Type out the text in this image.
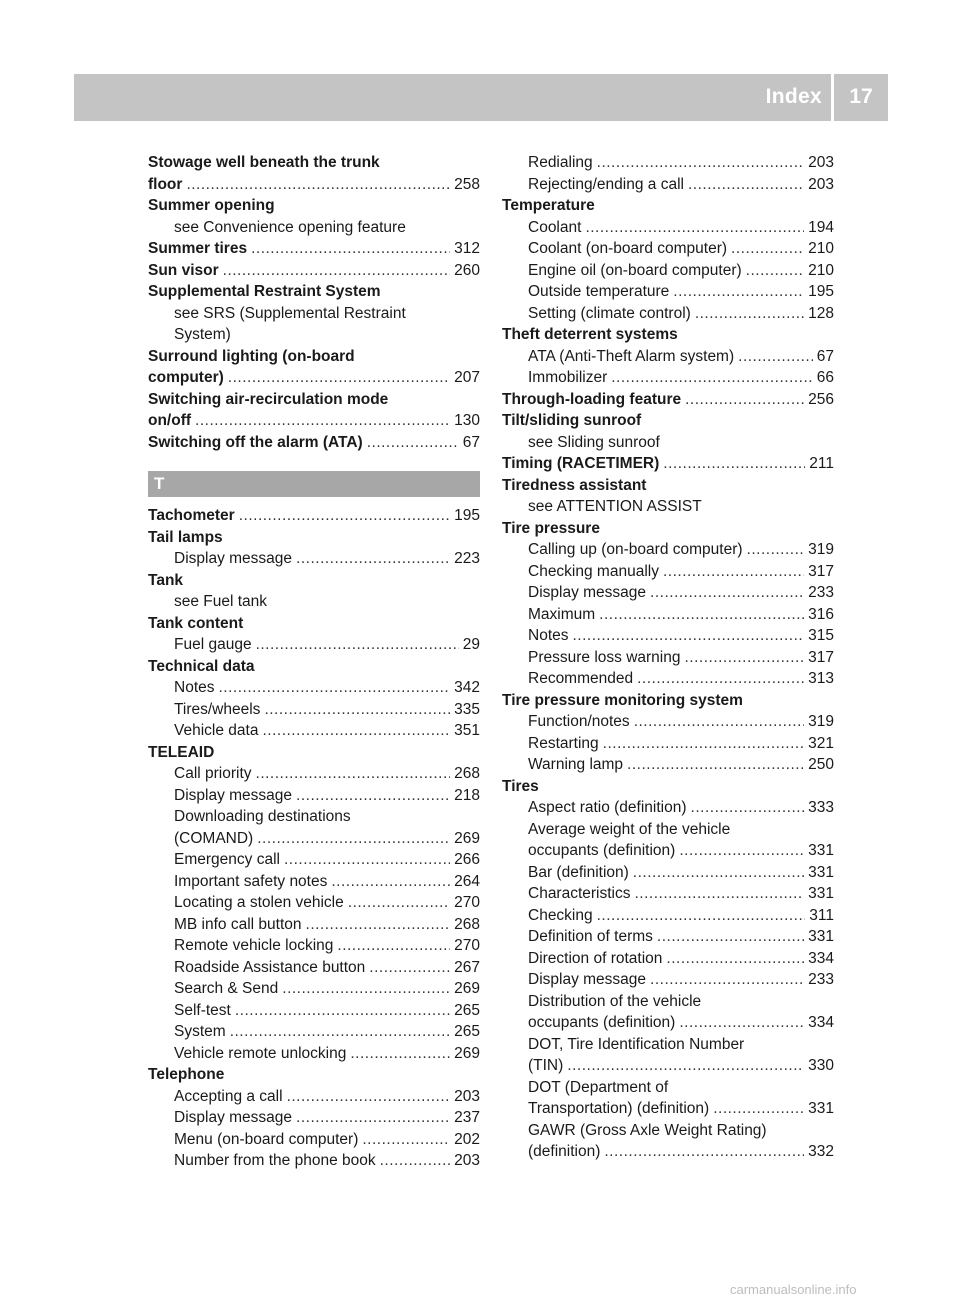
Index	17
Stowage well beneath the trunk
floor .....	258
Summer opening
see Convenience opening feature
Summer tires .....	312
Sun visor .....	260
Supplemental Restraint System
see SRS (Supplemental Restraint
System)
Surround lighting (on-board
computer) .....	207
Switching air-recirculation mode
on/off .....	130
Switching off the alarm (ATA) .....	67
T
Tachometer .....	195
Tail lamps
Display message .....	223
Tank
see Fuel tank
Tank content
Fuel gauge .....	29
Technical data
Notes .....	342
Tires/wheels .....	335
Vehicle data .....	351
TELEAID
Call priority .....	268
Display message .....	218
Downloading destinations
(COMAND) .....	269
Emergency call .....	266
Important safety notes .....	264
Locating a stolen vehicle .....	270
MB info call button .....	268
Remote vehicle locking .....	270
Roadside Assistance button .....	267
Search & Send .....	269
Self-test .....	265
System .....	265
Vehicle remote unlocking .....	269
Telephone
Accepting a call .....	203
Display message .....	237
Menu (on-board computer) .....	202
Number from the phone book .....	203
Redialing .....	203
Rejecting/ending a call .....	203
Temperature
Coolant .....	194
Coolant (on-board computer) .....	210
Engine oil (on-board computer) .....	210
Outside temperature .....	195
Setting (climate control) .....	128
Theft deterrent systems
ATA (Anti-Theft Alarm system) .....	67
Immobilizer .....	66
Through-loading feature .....	256
Tilt/sliding sunroof
see Sliding sunroof
Timing (RACETIMER) .....	211
Tiredness assistant
see ATTENTION ASSIST
Tire pressure
Calling up (on-board computer) .....	319
Checking manually .....	317
Display message .....	233
Maximum .....	316
Notes .....	315
Pressure loss warning .....	317
Recommended .....	313
Tire pressure monitoring system
Function/notes .....	319
Restarting .....	321
Warning lamp .....	250
Tires
Aspect ratio (definition) .....	333
Average weight of the vehicle
occupants (definition) .....	331
Bar (definition) .....	331
Characteristics .....	331
Checking .....	311
Definition of terms .....	331
Direction of rotation .....	334
Display message .....	233
Distribution of the vehicle
occupants (definition) .....	334
DOT, Tire Identification Number
(TIN) .....	330
DOT (Department of
Transportation) (definition) .....	331
GAWR (Gross Axle Weight Rating)
(definition) .....	332
carmanualsonline.info
